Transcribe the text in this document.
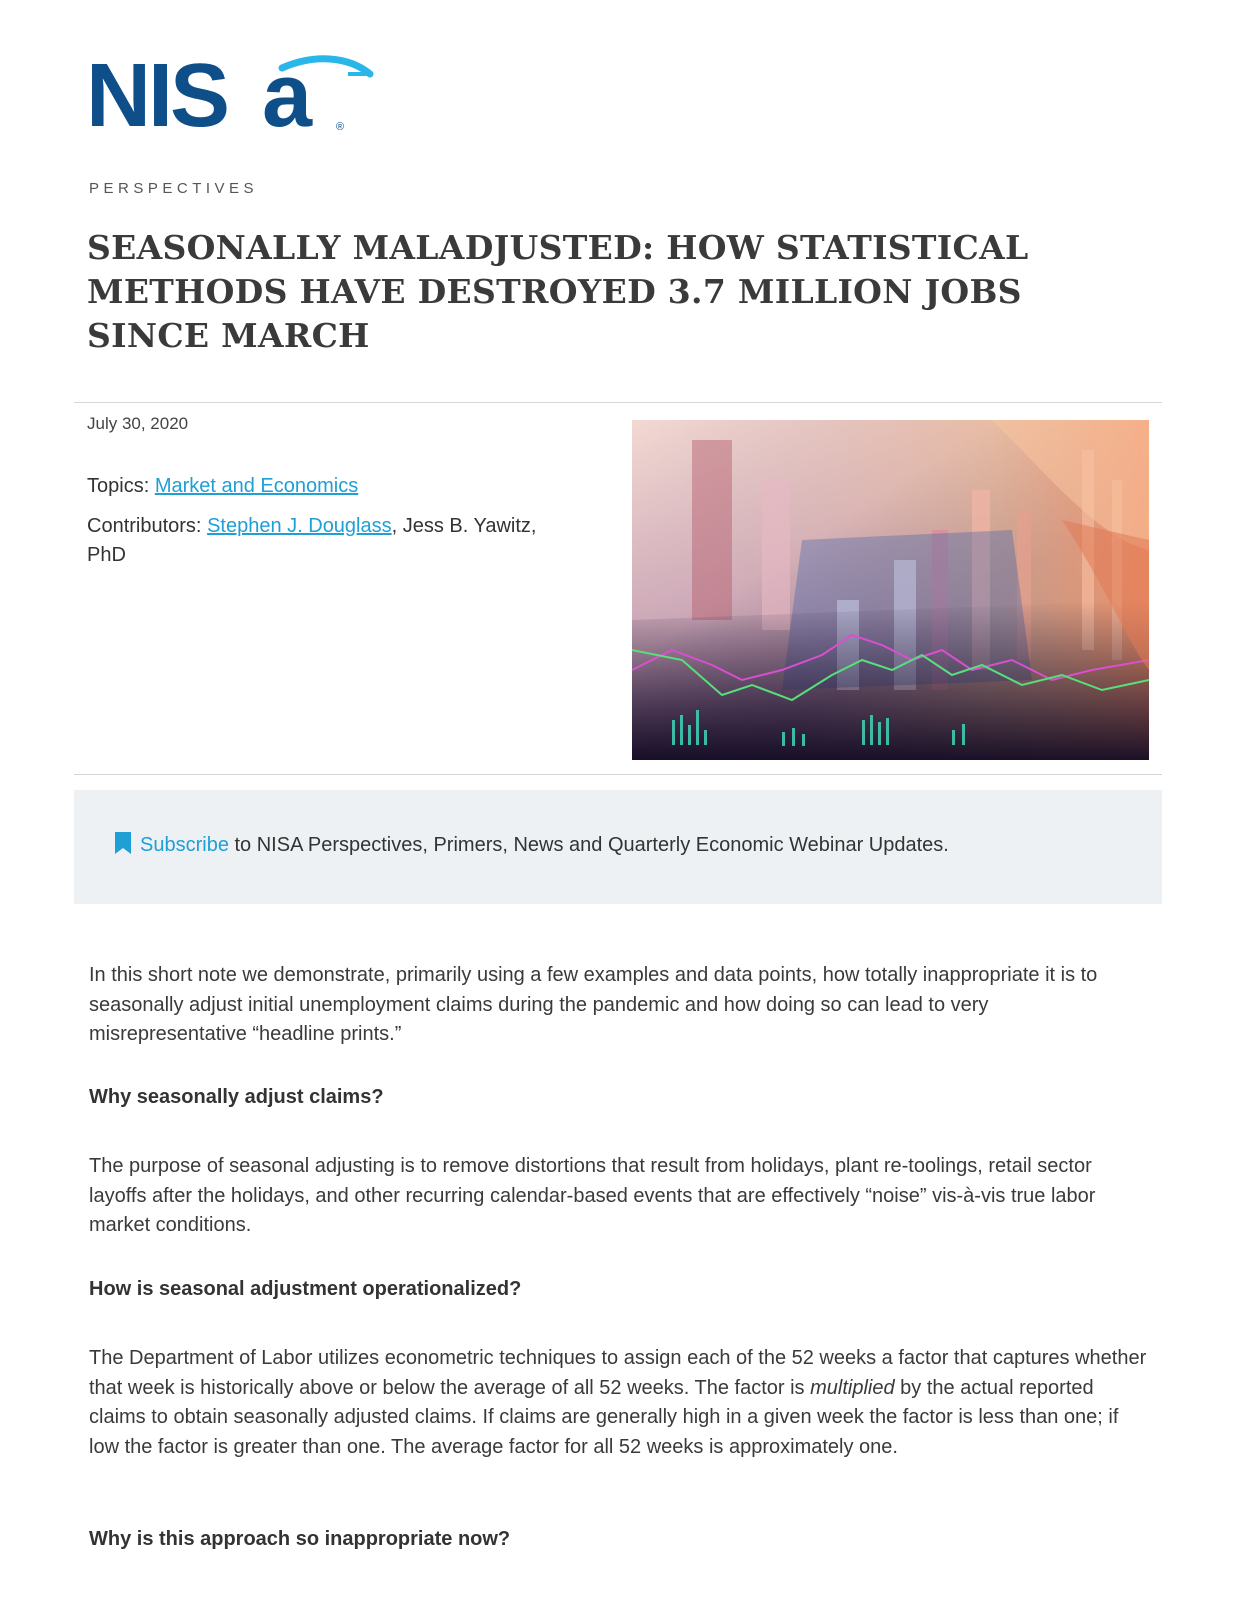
NIS a ®
PERSPECTIVES
SEASONALLY MALADJUSTED: HOW STATISTICAL METHODS HAVE DESTROYED 3.7 MILLION JOBS SINCE MARCH
July 30, 2020
Topics: Market and Economics
Contributors: Stephen J. Douglass, Jess B. Yawitz, PhD
Subscribe to NISA Perspectives, Primers, News and Quarterly Economic Webinar Updates.

In this short note we demonstrate, primarily using a few examples and data points, how totally inappropriate it is to seasonally adjust initial unemployment claims during the pandemic and how doing so can lead to very misrepresentative “headline prints.”

Why seasonally adjust claims?

The purpose of seasonal adjusting is to remove distortions that result from holidays, plant re-toolings, retail sector layoffs after the holidays, and other recurring calendar-based events that are effectively “noise” vis-à-vis true labor market conditions.

How is seasonal adjustment operationalized?

The Department of Labor utilizes econometric techniques to assign each of the 52 weeks a factor that captures whether that week is historically above or below the average of all 52 weeks. The factor is multiplied by the actual reported claims to obtain seasonally adjusted claims. If claims are generally high in a given week the factor is less than one; if low the factor is greater than one. The average factor for all 52 weeks is approximately one.

Why is this approach so inappropriate now?
